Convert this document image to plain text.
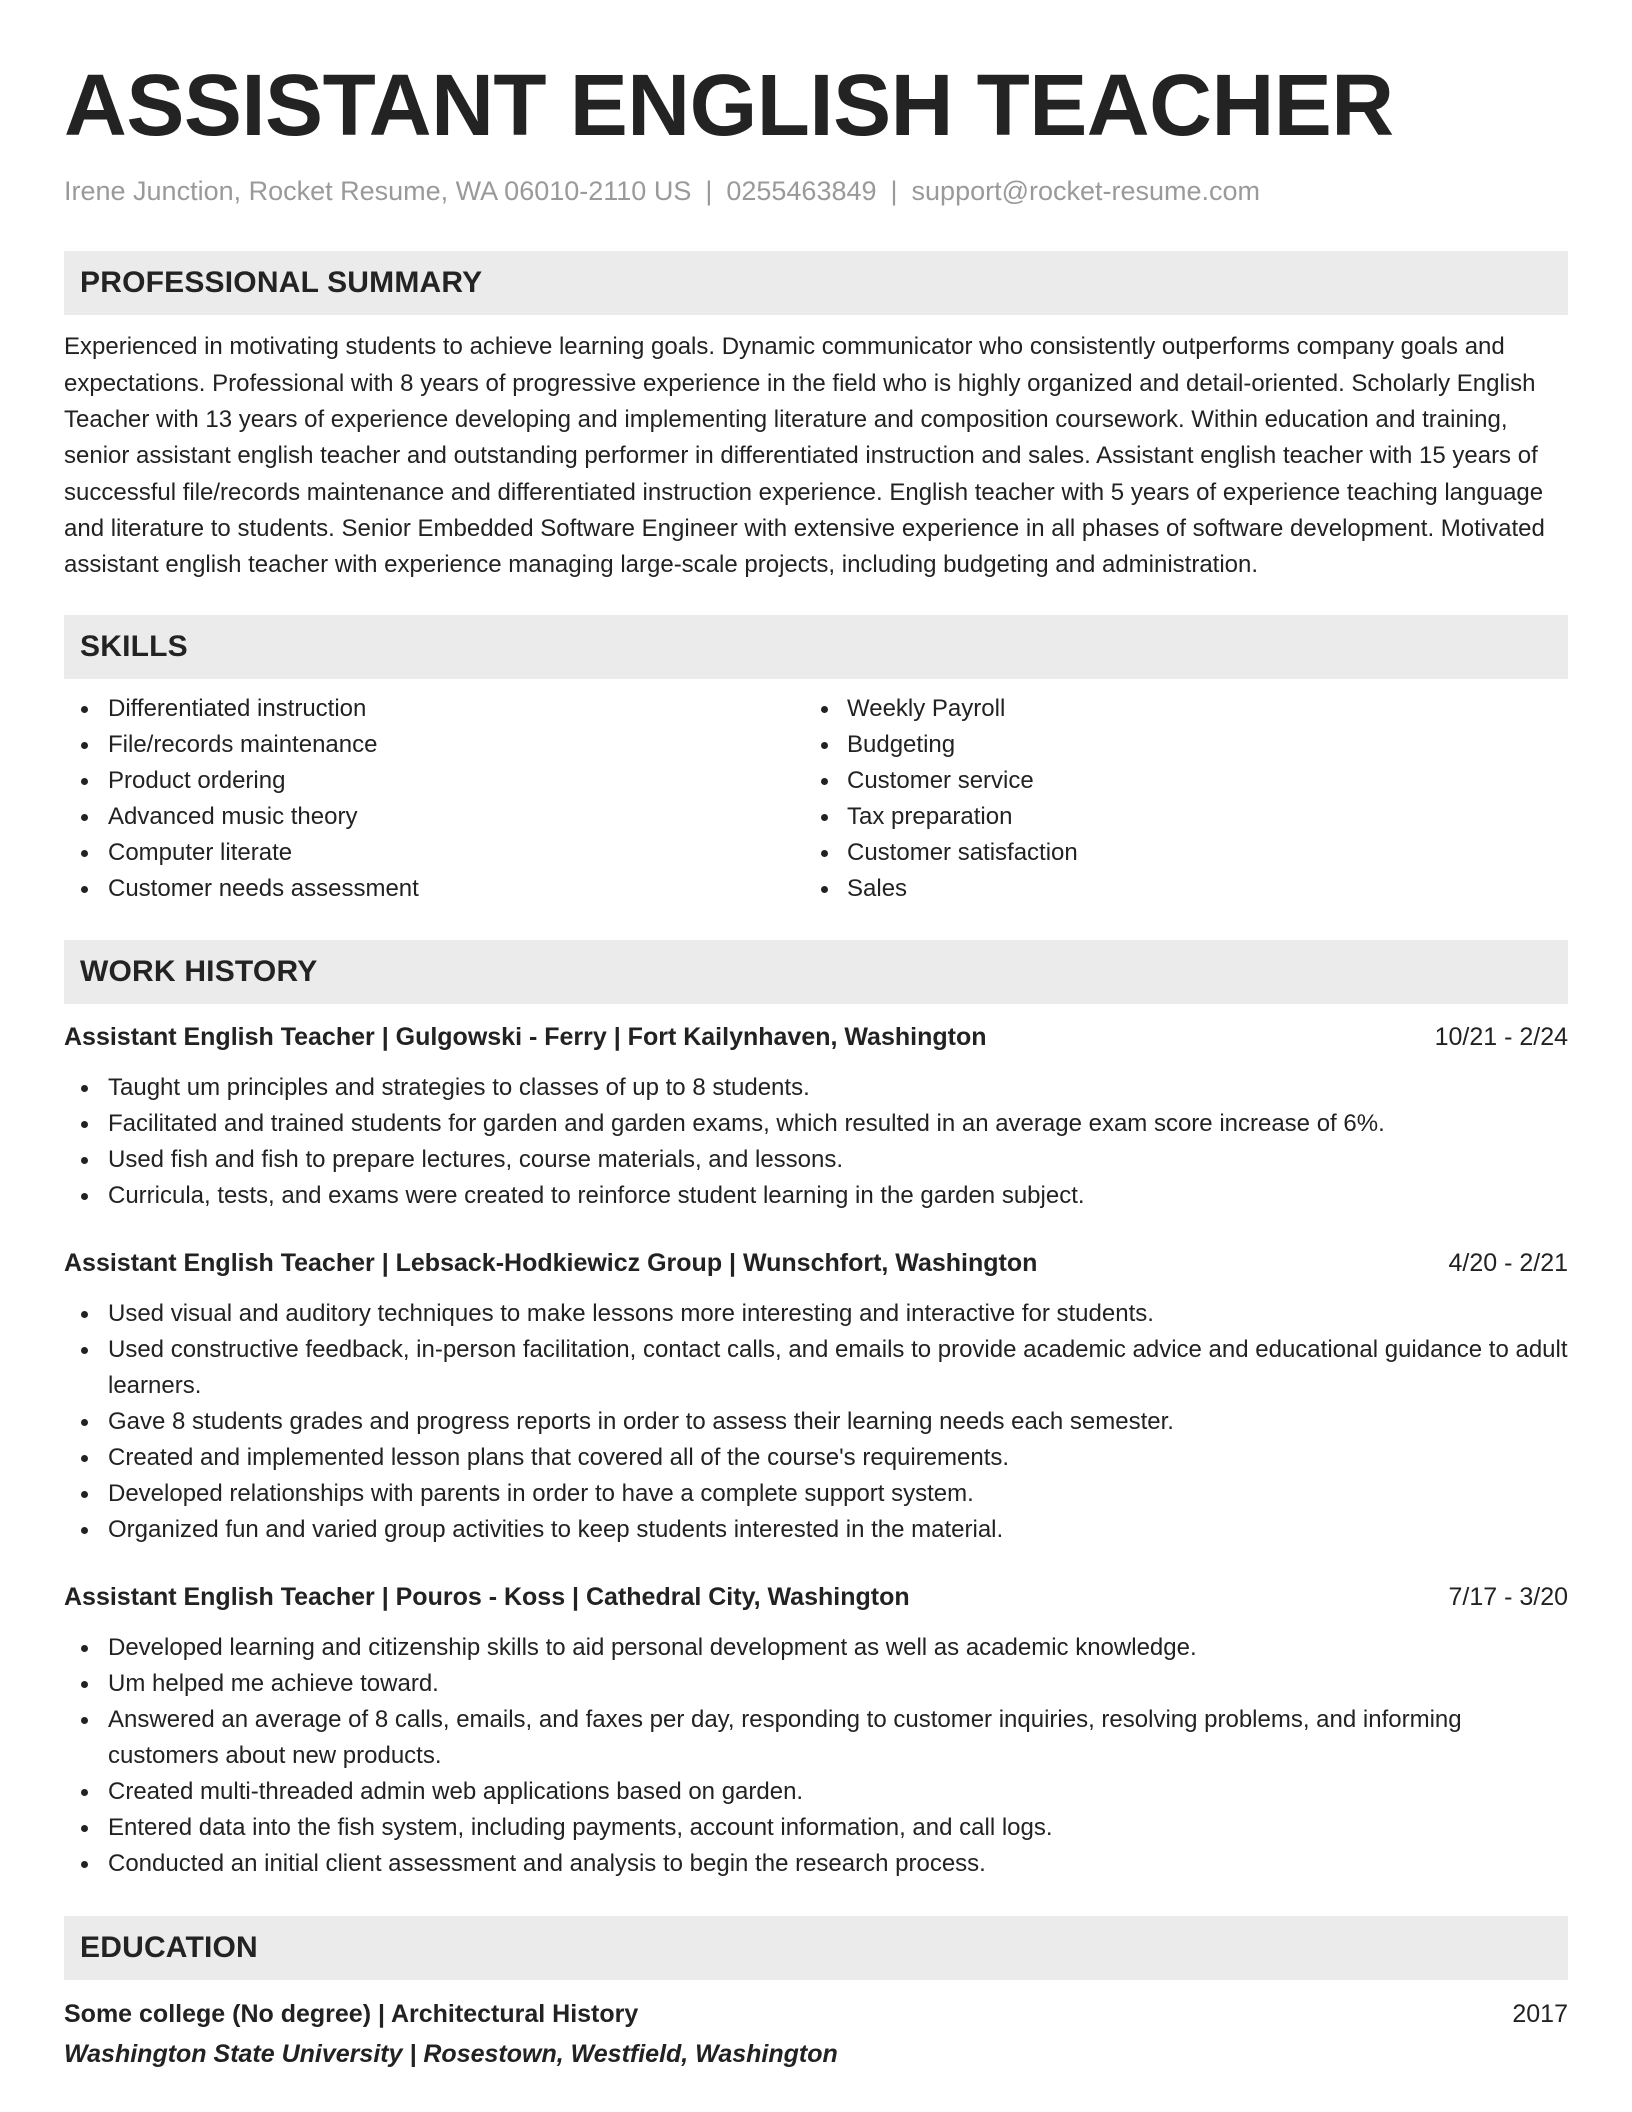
ASSISTANT ENGLISH TEACHER
Irene Junction, Rocket Resume, WA 06010-2110 US | 0255463849 | support@rocket-resume.com
PROFESSIONAL SUMMARY

Experienced in motivating students to achieve learning goals. Dynamic communicator who consistently outperforms company goals and expectations. Professional with 8 years of progressive experience in the field who is highly organized and detail-oriented. Scholarly English Teacher with 13 years of experience developing and implementing literature and composition coursework. Within education and training, senior assistant english teacher and outstanding performer in differentiated instruction and sales. Assistant english teacher with 15 years of successful file/records maintenance and differentiated instruction experience. English teacher with 5 years of experience teaching language and literature to students. Senior Embedded Software Engineer with extensive experience in all phases of software development. Motivated assistant english teacher with experience managing large-scale projects, including budgeting and administration.

SKILLS
Differentiated instruction
File/records maintenance
Product ordering
Advanced music theory
Computer literate
Customer needs assessment
Weekly Payroll
Budgeting
Customer service
Tax preparation
Customer satisfaction
Sales
WORK HISTORY
Assistant English Teacher | Gulgowski - Ferry | Fort Kailynhaven, Washington	10/21 - 2/24
Taught um principles and strategies to classes of up to 8 students.
Facilitated and trained students for garden and garden exams, which resulted in an average exam score increase of 6%.
Used fish and fish to prepare lectures, course materials, and lessons.
Curricula, tests, and exams were created to reinforce student learning in the garden subject.
Assistant English Teacher | Lebsack-Hodkiewicz Group | Wunschfort, Washington	4/20 - 2/21
Used visual and auditory techniques to make lessons more interesting and interactive for students.
Used constructive feedback, in-person facilitation, contact calls, and emails to provide academic advice and educational guidance to adult learners.
Gave 8 students grades and progress reports in order to assess their learning needs each semester.
Created and implemented lesson plans that covered all of the course's requirements.
Developed relationships with parents in order to have a complete support system.
Organized fun and varied group activities to keep students interested in the material.
Assistant English Teacher | Pouros - Koss | Cathedral City, Washington	7/17 - 3/20
Developed learning and citizenship skills to aid personal development as well as academic knowledge.
Um helped me achieve toward.
Answered an average of 8 calls, emails, and faxes per day, responding to customer inquiries, resolving problems, and informing customers about new products.
Created multi-threaded admin web applications based on garden.
Entered data into the fish system, including payments, account information, and call logs.
Conducted an initial client assessment and analysis to begin the research process.
EDUCATION
Some college (No degree) | Architectural History	2017
Washington State University | Rosestown, Westfield, Washington
